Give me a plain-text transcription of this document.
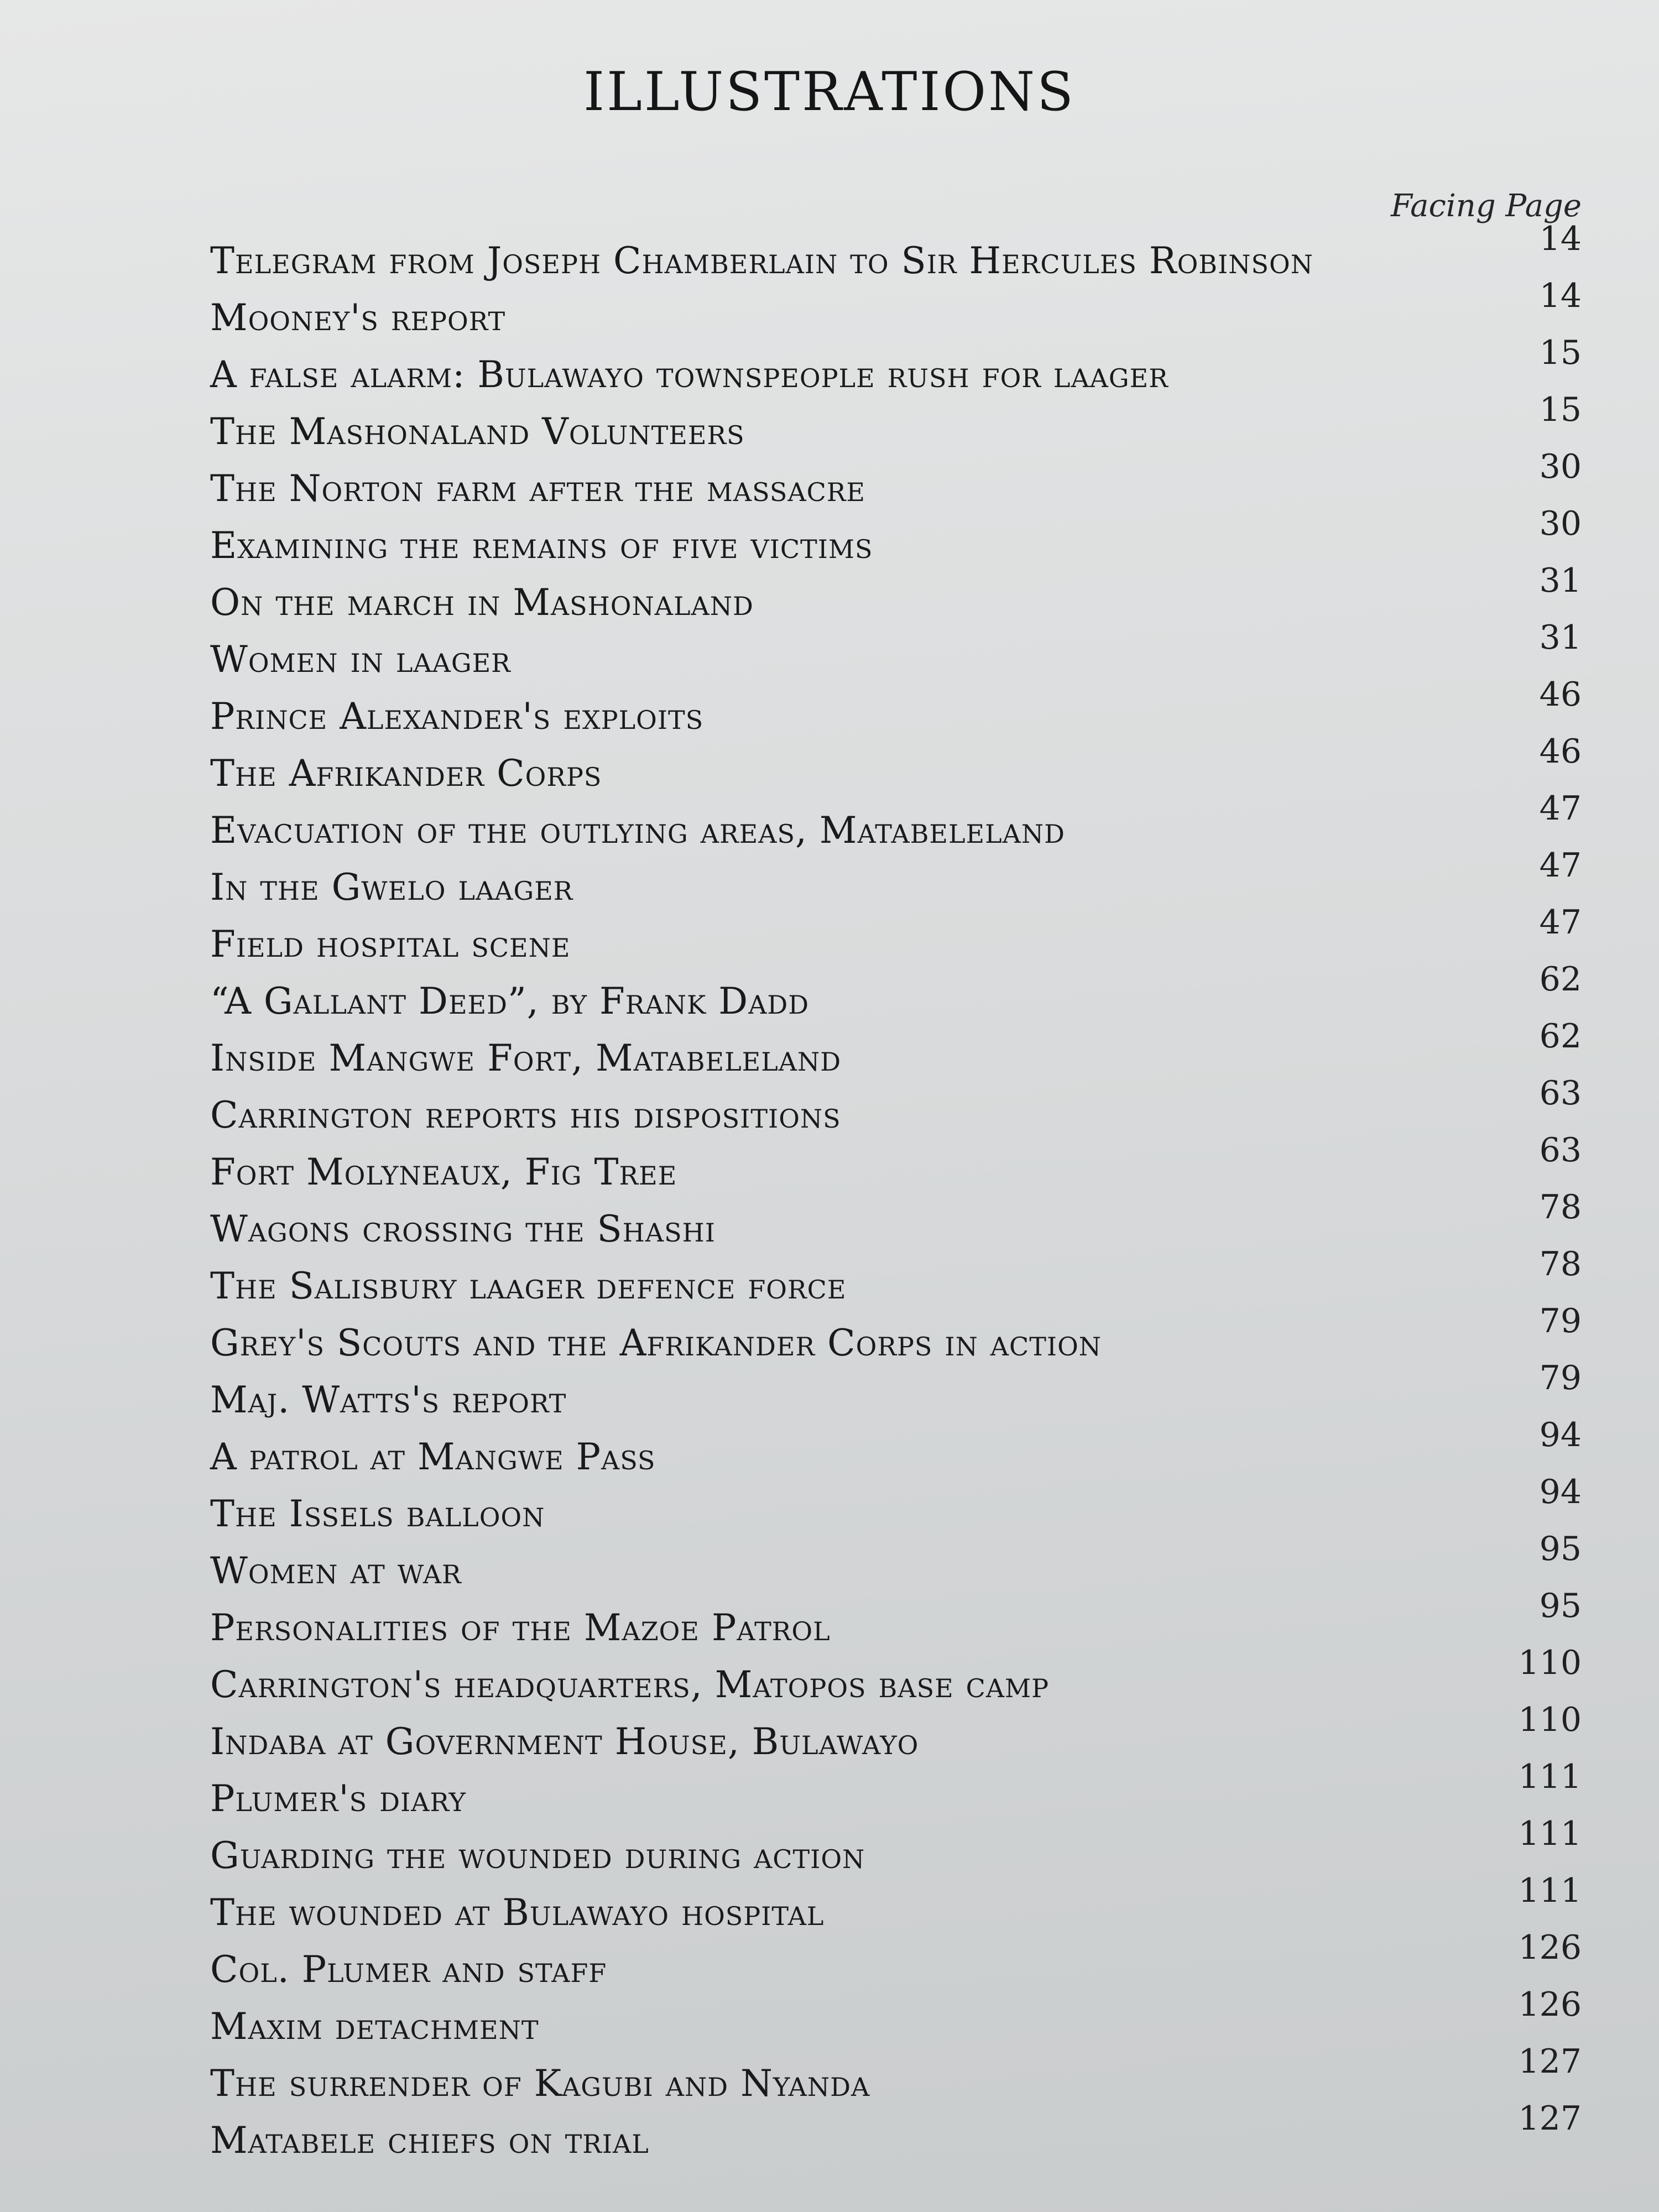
ILLUSTRATIONS
Facing Page
Telegram from Joseph Chamberlain to Sir Hercules Robinson
14
Mooney's report
14
A false alarm: Bulawayo townspeople rush for laager
15
The Mashonaland Volunteers
15
The Norton farm after the massacre
30
Examining the remains of five victims
30
On the march in Mashonaland
31
Women in laager
31
Prince Alexander's exploits
46
The Afrikander Corps
46
Evacuation of the outlying areas, Matabeleland
47
In the Gwelo laager
47
Field hospital scene
47
“A Gallant Deed”, by Frank Dadd
62
Inside Mangwe Fort, Matabeleland
62
Carrington reports his dispositions
63
Fort Molyneaux, Fig Tree
63
Wagons crossing the Shashi
78
The Salisbury laager defence force
78
Grey's Scouts and the Afrikander Corps in action
79
Maj. Watts's report
79
A patrol at Mangwe Pass
94
The Issels balloon
94
Women at war
95
Personalities of the Mazoe Patrol
95
Carrington's headquarters, Matopos base camp
110
Indaba at Government House, Bulawayo
110
Plumer's diary
111
Guarding the wounded during action
111
The wounded at Bulawayo hospital
111
Col. Plumer and staff
126
Maxim detachment
126
The surrender of Kagubi and Nyanda
127
Matabele chiefs on trial
127
